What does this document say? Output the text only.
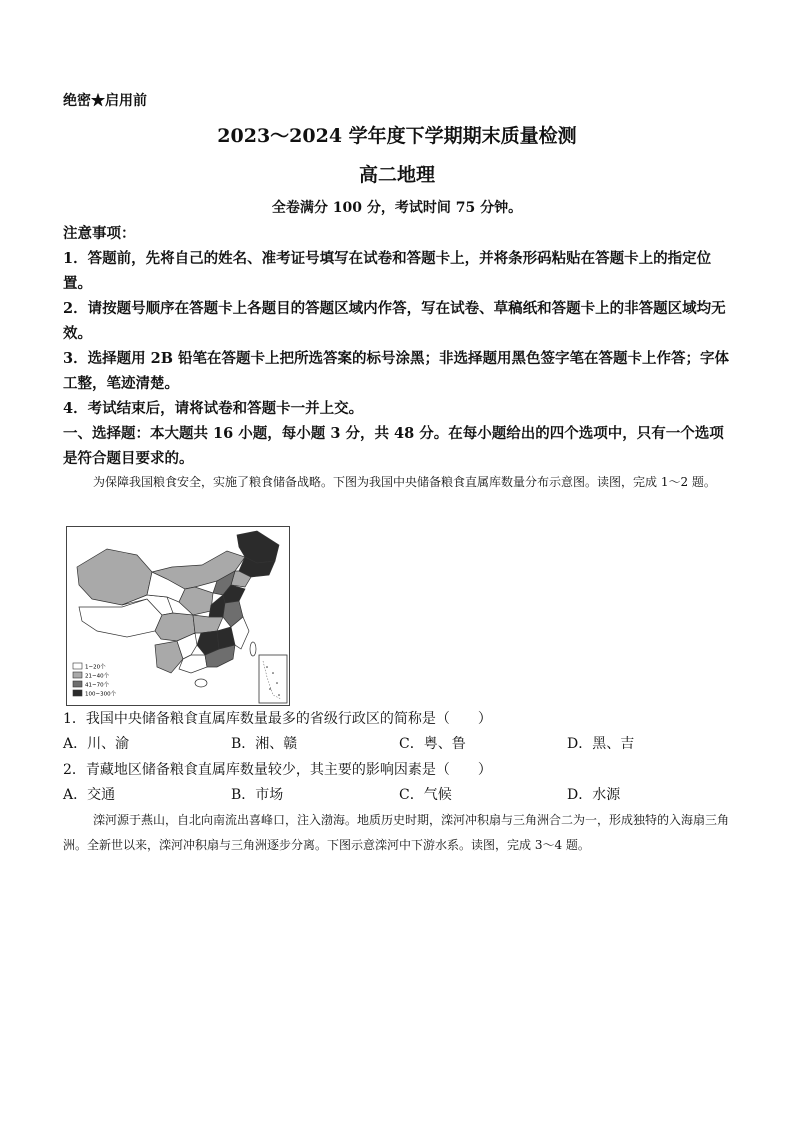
绝密★启用前
2023～2024 学年度下学期期末质量检测
高二地理
全卷满分 100 分，考试时间 75 分钟。
注意事项：
1．答题前，先将自己的姓名、准考证号填写在试卷和答题卡上，并将条形码粘贴在答题卡上的指定位置。
2．请按题号顺序在答题卡上各题目的答题区域内作答，写在试卷、草稿纸和答题卡上的非答题区域均无效。
3．选择题用 2B 铅笔在答题卡上把所选答案的标号涂黑；非选择题用黑色签字笔在答题卡上作答；字体工整，笔迹清楚。
4．考试结束后，请将试卷和答题卡一并上交。
一、选择题：本大题共 16 小题，每小题 3 分，共 48 分。在每小题给出的四个选项中，只有一个选项是符合题目要求的。
为保障我国粮食安全，实施了粮食储备战略。下图为我国中央储备粮食直属库数量分布示意图。读图，完成 1～2 题。
1~20个
21~40个
41~70个
100~300个
1．我国中央储备粮食直属库数量最多的省级行政区的简称是（　　）
A．川、渝	B．湘、赣	C．粤、鲁	D．黑、吉
2．青藏地区储备粮食直属库数量较少，其主要的影响因素是（　　）
A．交通	B．市场	C．气候	D．水源
滦河源于燕山，自北向南流出喜峰口，注入渤海。地质历史时期，滦河冲积扇与三角洲合二为一，形成独特的入海扇三角洲。全新世以来，滦河冲积扇与三角洲逐步分离。下图示意滦河中下游水系。读图，完成 3～4 题。
